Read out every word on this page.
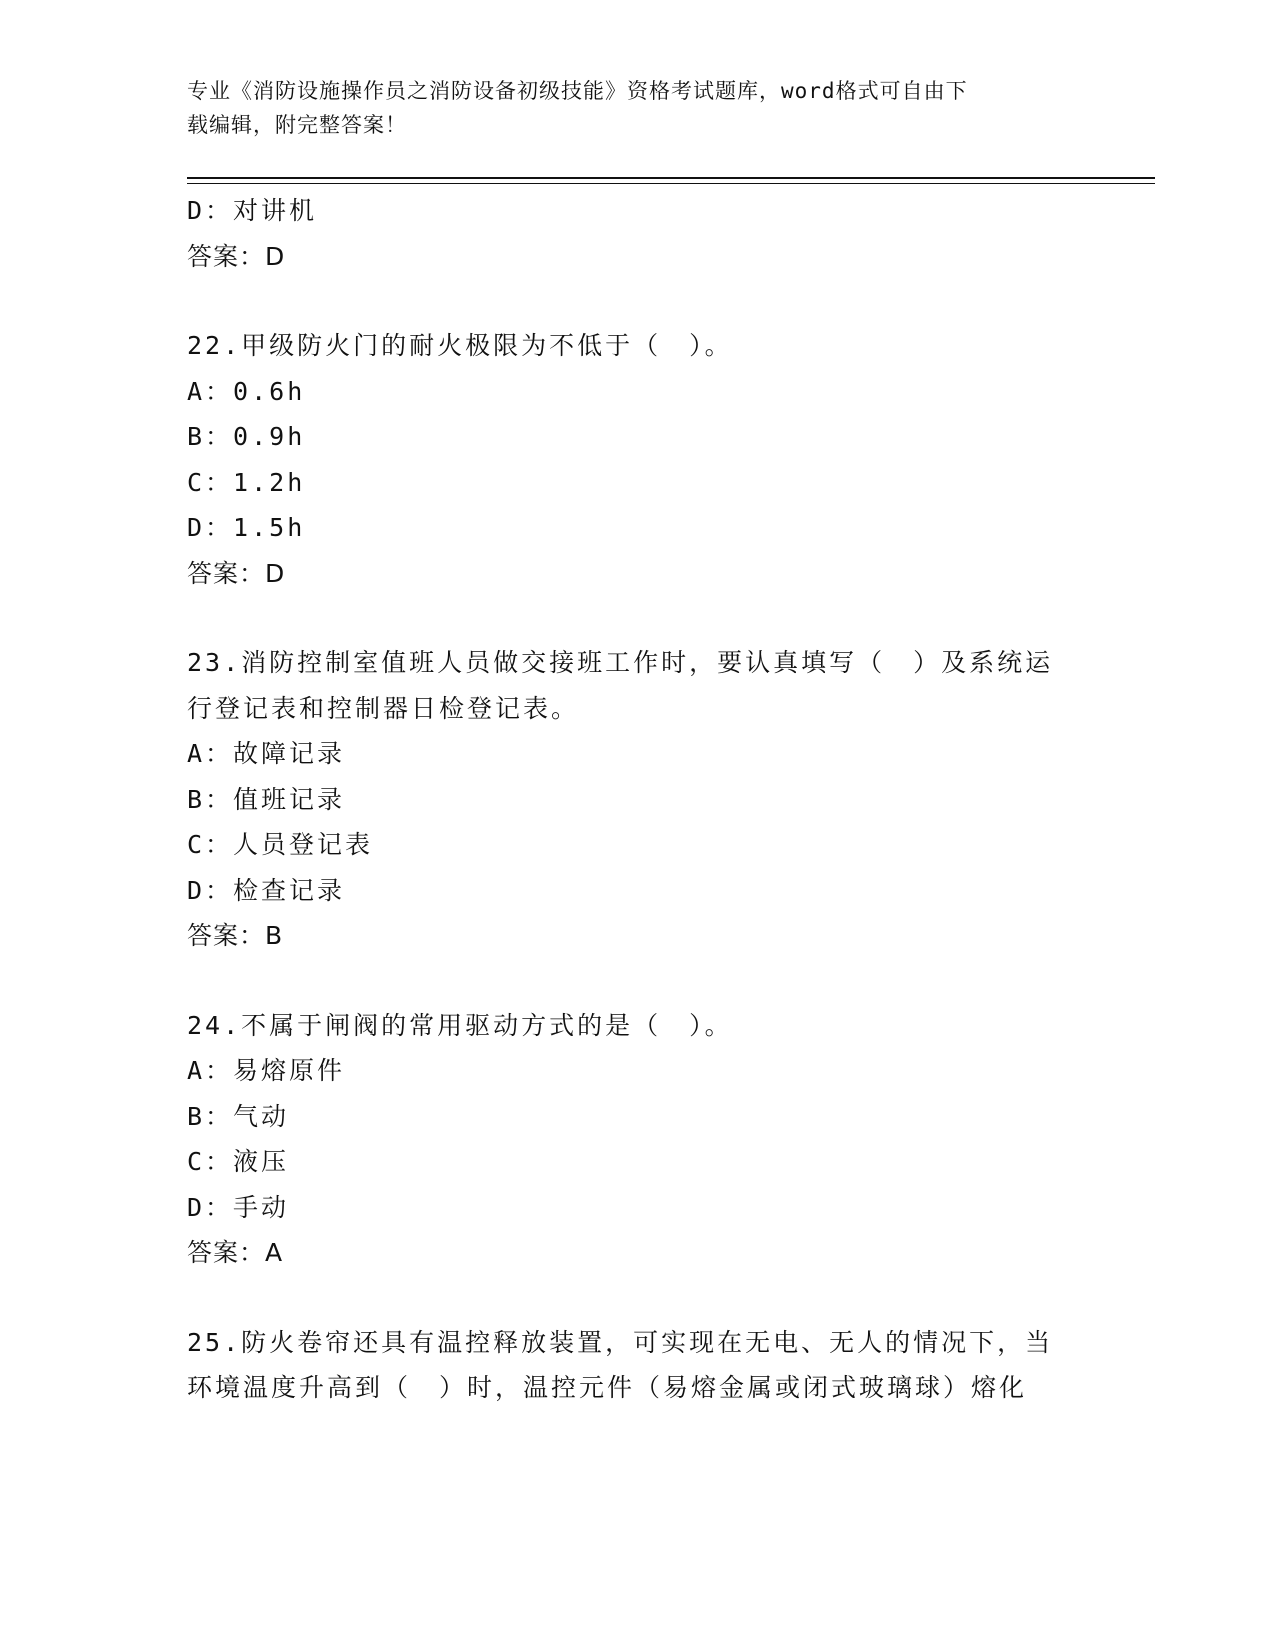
专业《消防设施操作员之消防设备初级技能》资格考试题库，word格式可自由下
载编辑，附完整答案！
D：对讲机
答案：D
22.甲级防火门的耐火极限为不低于（　）。
A：0.6h
B：0.9h
C：1.2h
D：1.5h
答案：D
23.消防控制室值班人员做交接班工作时，要认真填写（　）及系统运
行登记表和控制器日检登记表。
A：故障记录
B：值班记录
C：人员登记表
D：检查记录
答案：B
24.不属于闸阀的常用驱动方式的是（　）。
A：易熔原件
B：气动
C：液压
D：手动
答案：A
25.防火卷帘还具有温控释放装置，可实现在无电、无人的情况下，当
环境温度升高到（　）时，温控元件（易熔金属或闭式玻璃球）熔化
